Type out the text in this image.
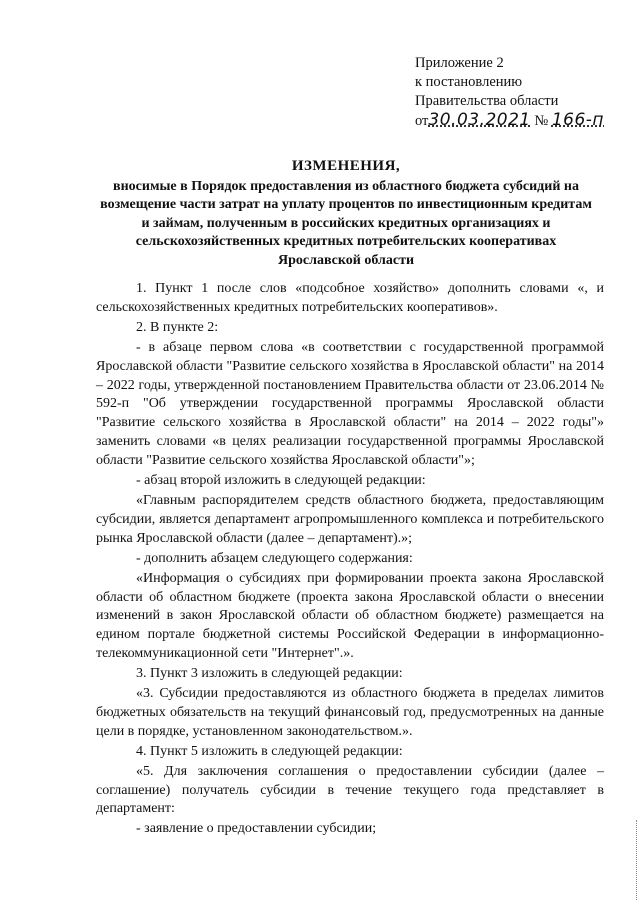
Приложение 2
к постановлению
Правительства области
от30.03.2021 № 166-п
ИЗМЕНЕНИЯ,
вносимые в Порядок предоставления из областного бюджета субсидий на возмещение части затрат на уплату процентов по инвестиционным кредитам и займам, полученным в российских кредитных организациях и сельскохозяйственных кредитных потребительских кооперативах Ярославской области

1. Пункт 1 после слов «подсобное хозяйство» дополнить словами «, и сельскохозяйственных кредитных потребительских кооперативов».

2. В пункте 2:

- в абзаце первом слова «в соответствии с государственной программой Ярославской области "Развитие сельского хозяйства в Ярославской области" на 2014 – 2022 годы, утвержденной постановлением Правительства области от 23.06.2014 № 592-п "Об утверждении государственной программы Ярославской области "Развитие сельского хозяйства в Ярославской области" на 2014 – 2022 годы"» заменить словами «в целях реализации государственной программы Ярославской области "Развитие сельского хозяйства Ярославской области"»;

- абзац второй изложить в следующей редакции:

«Главным распорядителем средств областного бюджета, предоставляющим субсидии, является департамент агропромышленного комплекса и потребительского рынка Ярославской области (далее – департамент).»;

- дополнить абзацем следующего содержания:

«Информация о субсидиях при формировании проекта закона Ярославской области об областном бюджете (проекта закона Ярославской области о внесении изменений в закон Ярославской области об областном бюджете) размещается на едином портале бюджетной системы Российской Федерации в информационно-телекоммуникационной сети "Интернет".».

3. Пункт 3 изложить в следующей редакции:

«3. Субсидии предоставляются из областного бюджета в пределах лимитов бюджетных обязательств на текущий финансовый год, предусмотренных на данные цели в порядке, установленном законодательством.».

4. Пункт 5 изложить в следующей редакции:

«5. Для заключения соглашения о предоставлении субсидии (далее – соглашение) получатель субсидии в течение текущего года представляет в департамент:

- заявление о предоставлении субсидии;
